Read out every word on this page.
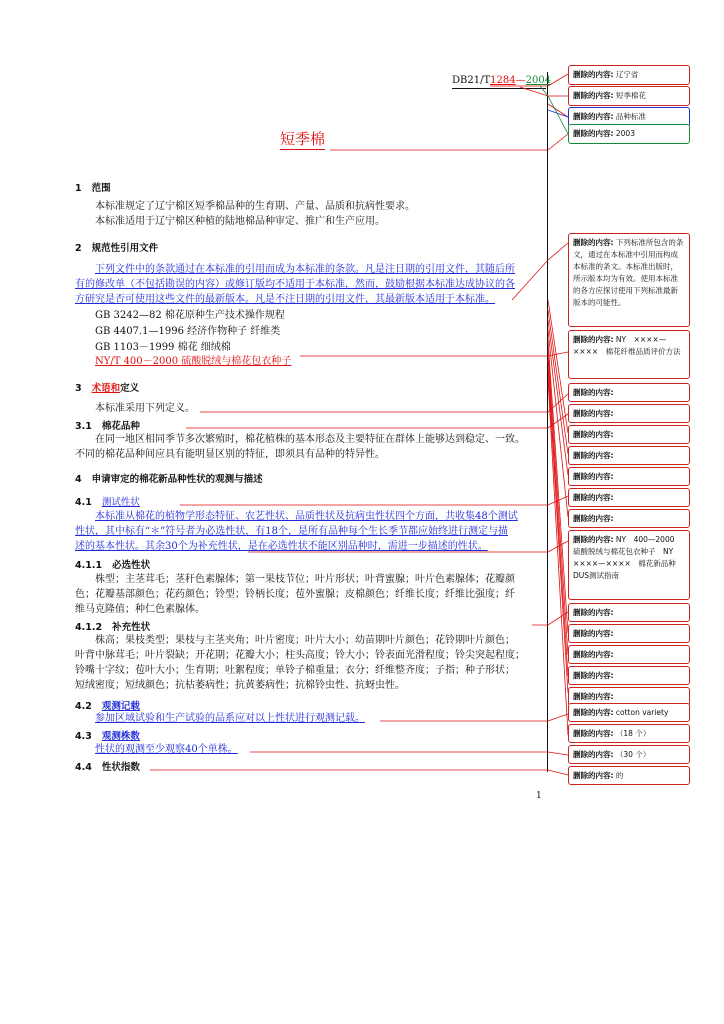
DB21/T1284—2004
短季棉
1 范围
本标准规定了辽宁棉区短季棉品种的生育期、产量、品质和抗病性要求。
本标准适用于辽宁棉区种植的陆地棉品种审定、推广和生产应用。
2 规范性引用文件
下列文件中的条款通过在本标准的引用而成为本标准的条款。凡是注日期的引用文件，其随后所
有的修改单（不包括勘误的内容）或修订版均不适用于本标准，然而，鼓励根据本标准达成协议的各
方研究是否可使用这些文件的最新版本。凡是不注日期的引用文件，其最新版本适用于本标准。
GB 3242—82 棉花原种生产技术操作规程
GB 4407.1—1996 经济作物种子 纤维类
GB 1103－1999 棉花 细绒棉
NY/T 400－2000 硫酸脱绒与棉花包衣种子
3 术语和定义
本标准采用下列定义。
3.1 棉花品种
在同一地区相同季节多次繁殖时，棉花植株的基本形态及主要特征在群体上能够达到稳定、一致。
不同的棉花品种间应具有能明显区别的特征，即须具有品种的特异性。
4 申请审定的棉花新品种性状的观测与描述
4.1 测试性状
本标准从棉花的植物学形态特征、农艺性状、品质性状及抗病虫性状四个方面，共收集48个测试
性状，其中标有“＊”符号者为必选性状，有18个，是所有品种每个生长季节都应始终进行测定与描
述的基本性状。其余30个为补充性状，是在必选性状不能区别品种时，需进一步描述的性状。
4.1.1 必选性状
株型；主茎茸毛；茎秆色素腺体；第一果枝节位；叶片形状；叶背蜜腺；叶片色素腺体；花瓣颜
色；花瓣基部颜色；花药颜色；铃型；铃柄长度；苞外蜜腺；皮棉颜色；纤维长度；纤维比强度；纤
维马克隆值；种仁色素腺体。
4.1.2 补充性状
株高；果枝类型；果枝与主茎夹角；叶片密度；叶片大小；幼苗期叶片颜色；花铃期叶片颜色；
叶背中脉茸毛；叶片裂缺；开花期；花瓣大小；柱头高度；铃大小；铃表面光滑程度；铃尖突起程度；
铃嘴十字纹；苞叶大小；生育期；吐絮程度；单铃子棉重量；衣分；纤维整齐度；子指；种子形状；
短绒密度；短绒颜色；抗枯萎病性；抗黄萎病性；抗棉铃虫性、抗蚜虫性。
4.2 观测记载
参加区域试验和生产试验的品系应对以上性状进行观测记载。
4.3 观测株数
性状的观测至少观察40个单株。
4.4 性状指数
1
删除的内容: 辽宁省
删除的内容: 短季棉花
删除的内容: 品种标准
删除的内容: 2003
删除的内容: 下列标准所包含的条文，通过在本标准中引用而构成本标准的条文。本标准出版时，所示版本均为有效。使用本标准的各方应探讨使用下列标准最新版本的可能性。
删除的内容: NY　××××—××××　棉花纤维品质评价方法
删除的内容:
删除的内容:
删除的内容:
删除的内容:
删除的内容:
删除的内容:
删除的内容:
删除的内容: NY　400—2000　硫酸脱绒与棉花包衣种子　NY　××××—××××　棉花新品种DUS测试指南
删除的内容:
删除的内容:
删除的内容:
删除的内容:
删除的内容:
删除的内容: cotton variety
删除的内容: （18 个）
删除的内容: （30 个）
删除的内容: 的
